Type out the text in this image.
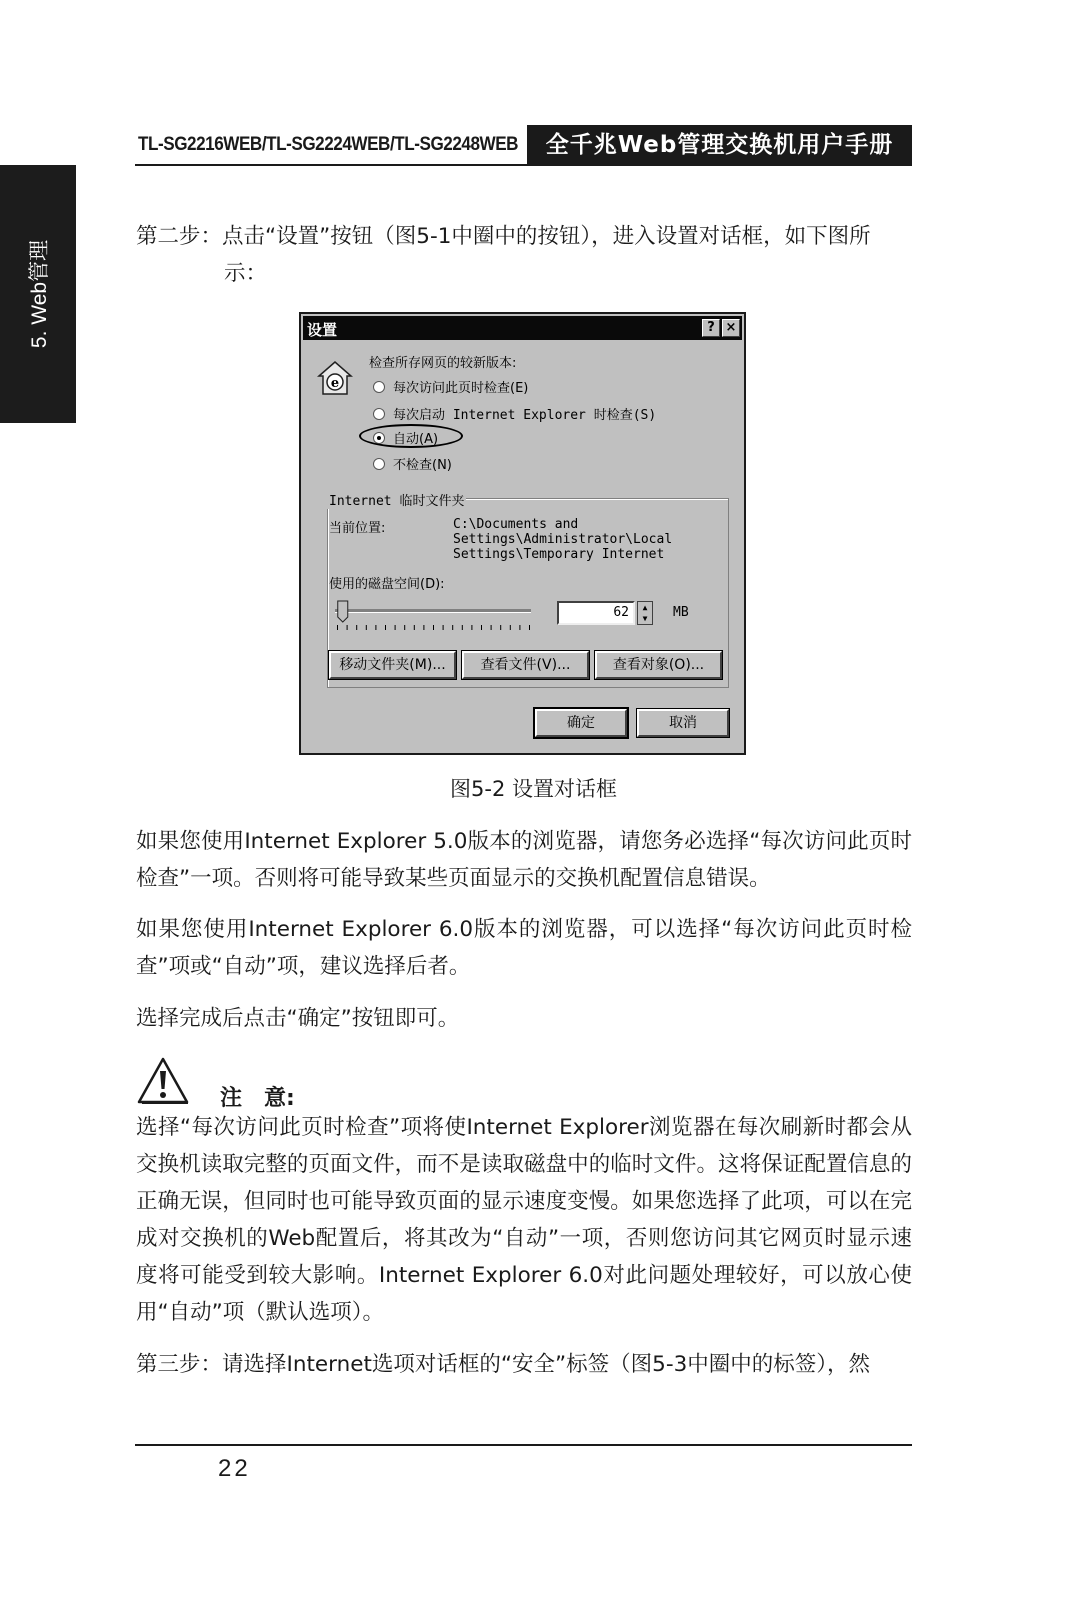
5. Web管理
TL-SG2216WEB/TL-SG2224WEB/TL-SG2248WEB	全千兆Web管理交换机用户手册
第二步：点击“设置”按钮（图5-1中圈中的按钮），进入设置对话框，如下图所
示：
设置	? ×
e
检查所存网页的较新版本:
每次访问此页时检查(E)
每次启动 Internet Explorer 时检查(S)
自动(A)
不检查(N)
Internet 临时文件夹
当前位置:	C:\Documents and
Settings\Administrator\Local
Settings\Temporary Internet
使用的磁盘空间(D):
62	▲
▼	MB
移动文件夹(M)...	查看文件(V)...	查看对象(O)...
确定	取消
图5-2 设置对话框
如果您使用Internet Explorer 5.0版本的浏览器，请您务必选择“每次访问此页时检查”一项。否则将可能导致某些页面显示的交换机配置信息错误。
如果您使用Internet Explorer 6.0版本的浏览器，可以选择“每次访问此页时检查”项或“自动”项，建议选择后者。
选择完成后点击“确定”按钮即可。
注　意:
选择“每次访问此页时检查”项将使Internet Explorer浏览器在每次刷新时都会从交换机读取完整的页面文件，而不是读取磁盘中的临时文件。这将保证配置信息的正确无误，但同时也可能导致页面的显示速度变慢。如果您选择了此项，可以在完成对交换机的Web配置后，将其改为“自动”一项，否则您访问其它网页时显示速度将可能受到较大影响。Internet Explorer 6.0对此问题处理较好，可以放心使用“自动”项（默认选项）。
第三步：请选择Internet选项对话框的“安全”标签（图5-3中圈中的标签），然
22
